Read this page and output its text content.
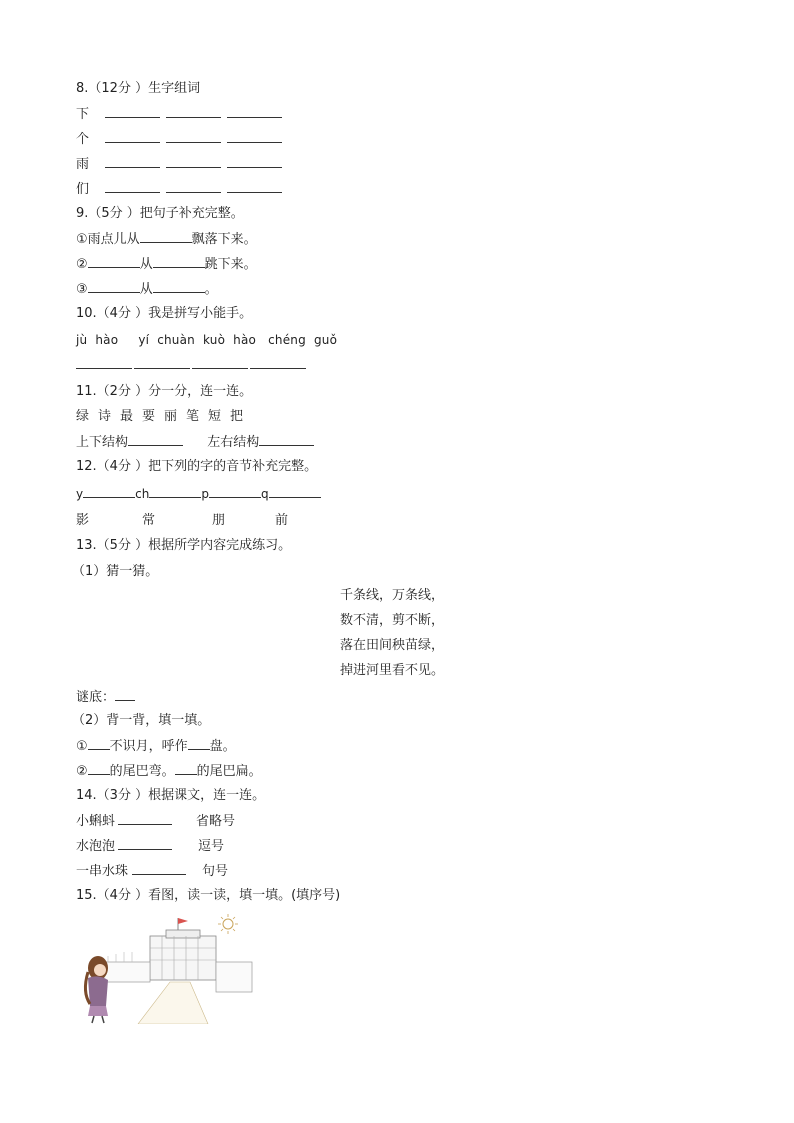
8.（12分 ）生字组词
下
个
雨
们
9.（5分 ）把句子补充完整。
①雨点儿从	飘落下来。
②	从	跳下来。
③	从	。
10.（4分 ）我是拼写小能手。
jù  hào     yí  chuàn  kuò  hào   chéng  guǒ
11.（2分 ）分一分，连一连。
绿 诗 最 要 丽 笔 短 把
上下结构	左右结构
12.（4分 ）把下列的字的音节补充完整。
y	ch	p	q
影	常	朋	前
13.（5分 ）根据所学内容完成练习。
（1）猜一猜。
千条线，万条线，
数不清，剪不断，
落在田间秧苗绿，
掉进河里看不见。
谜底：
（2）背一背，填一填。
① 不识月，呼作 盘。
② 的尾巴弯。 的尾巴扁。
14.（3分 ）根据课文，连一连。
小蝌蚪	省略号
水泡泡	逗号
一串水珠	句号
15.（4分 ）看图，读一读，填一填。(填序号)
